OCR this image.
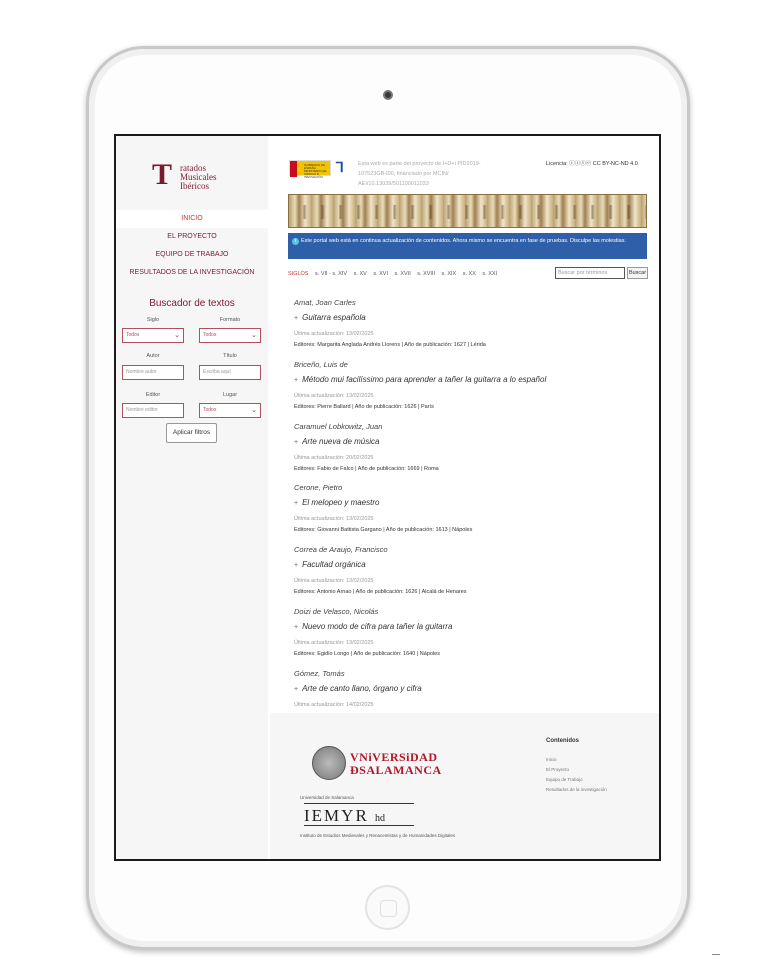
T ratados
Musicales
Ibéricos
INICIO
EL PROYECTO
EQUIPO DE TRABAJO
RESULTADOS DE LA INVESTIGACIÓN
Buscador de textos
Siglo
Todos	⌄
Formato
Todos	⌄
Autor
Nombre autor
Título
Escriba aquí
Editor
Nombre editor
Lugar
Todos	⌄
Aplicar filtros
GOBIERNO DE ESPAÑA · MINISTERIO DE CIENCIA E INNOVACIÓN
⅂	Esta web es parte del proyecto de I+D+i PID2019-107523GB-I00, financiado por MCIN/ AEI/10.13039/501100011033
Licencia: ⓒⓘⓢⓔ CC BY-NC-ND 4.0
i Este portal web está en continua actualización de contenidos. Ahora mismo se encuentra en fase de pruebas. Disculpe las molestias.
SIGLOS s. VII - s. XIV s. XV s. XVI s. XVII s. XVIII s. XIX s. XX s. XXI	Buscar por términos	Buscar
Amat, Joan Carles
+ Guitarra española
Última actualización: 13/02/2025
Editores: Margarita Anglada Andrés Llorens | Año de publicación: 1627 | Lérida
Briceño, Luis de
+ Método mui facilíssimo para aprender a tañer la guitarra a lo español
Última actualización: 13/02/2025
Editores: Pierre Ballard | Año de publicación: 1626 | París
Caramuel Lobkowitz, Juan
+ Arte nueva de música
Última actualización: 20/02/2025
Editores: Fabio de Falco | Año de publicación: 1669 | Roma
Cerone, Pietro
+ El melopeo y maestro
Última actualización: 13/02/2025
Editores: Giovanni Battista Gargano | Año de publicación: 1613 | Nápoles
Correa de Araujo, Francisco
+ Facultad orgánica
Última actualización: 13/02/2025
Editores: Antonio Arnao | Año de publicación: 1626 | Alcalá de Henares
Doizi de Velasco, Nicolás
+ Nuevo modo de cifra para tañer la guitarra
Última actualización: 13/02/2025
Editores: Egidio Longo | Año de publicación: 1640 | Nápoles
Gómez, Tomás
+ Arte de canto llano, órgano y cifra
Última actualización: 14/02/2025
VNiVERSiDAD
ÐSALAMANCA
Universidad de Salamanca
IEMYR hd
Instituto de Estudios Medievales y Renacentistas y de Humanidades Digitales
Contenidos
Inicio
El Proyecto
Equipo de Trabajo
Resultados de la investigación
